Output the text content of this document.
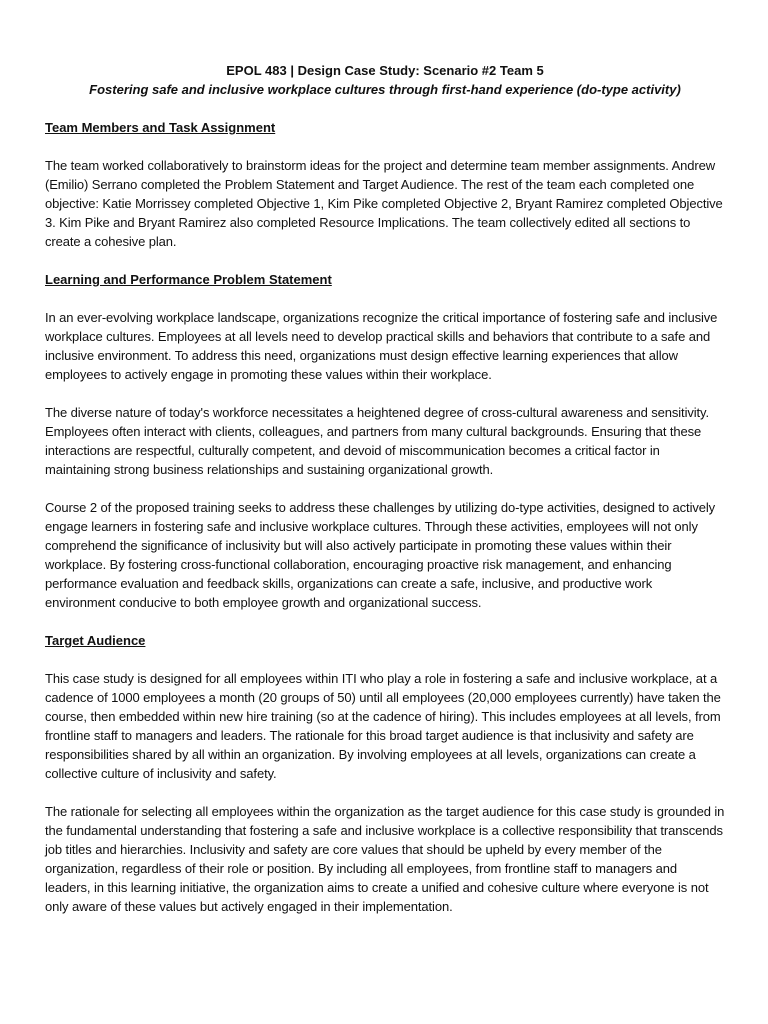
EPOL 483 | Design Case Study: Scenario #2 Team 5

Fostering safe and inclusive workplace cultures through first-hand experience (do-type activity)

Team Members and Task Assignment

The team worked collaboratively to brainstorm ideas for the project and determine team member assignments. Andrew (Emilio) Serrano completed the Problem Statement and Target Audience. The rest of the team each completed one objective: Katie Morrissey completed Objective 1, Kim Pike completed Objective 2, Bryant Ramirez completed Objective 3. Kim Pike and Bryant Ramirez also completed Resource Implications. The team collectively edited all sections to create a cohesive plan.

Learning and Performance Problem Statement

In an ever-evolving workplace landscape, organizations recognize the critical importance of fostering safe and inclusive workplace cultures. Employees at all levels need to develop practical skills and behaviors that contribute to a safe and inclusive environment. To address this need, organizations must design effective learning experiences that allow employees to actively engage in promoting these values within their workplace.

The diverse nature of today's workforce necessitates a heightened degree of cross-cultural awareness and sensitivity. Employees often interact with clients, colleagues, and partners from many cultural backgrounds. Ensuring that these interactions are respectful, culturally competent, and devoid of miscommunication becomes a critical factor in maintaining strong business relationships and sustaining organizational growth.

Course 2 of the proposed training seeks to address these challenges by utilizing do-type activities, designed to actively engage learners in fostering safe and inclusive workplace cultures. Through these activities, employees will not only comprehend the significance of inclusivity but will also actively participate in promoting these values within their workplace. By fostering cross-functional collaboration, encouraging proactive risk management, and enhancing performance evaluation and feedback skills, organizations can create a safe, inclusive, and productive work environment conducive to both employee growth and organizational success.

Target Audience

This case study is designed for all employees within ITI who play a role in fostering a safe and inclusive workplace, at a cadence of 1000 employees a month (20 groups of 50) until all employees (20,000 employees currently) have taken the course, then embedded within new hire training (so at the cadence of hiring). This includes employees at all levels, from frontline staff to managers and leaders. The rationale for this broad target audience is that inclusivity and safety are responsibilities shared by all within an organization. By involving employees at all levels, organizations can create a collective culture of inclusivity and safety.

The rationale for selecting all employees within the organization as the target audience for this case study is grounded in the fundamental understanding that fostering a safe and inclusive workplace is a collective responsibility that transcends job titles and hierarchies. Inclusivity and safety are core values that should be upheld by every member of the organization, regardless of their role or position. By including all employees, from frontline staff to managers and leaders, in this learning initiative, the organization aims to create a unified and cohesive culture where everyone is not only aware of these values but actively engaged in their implementation.
